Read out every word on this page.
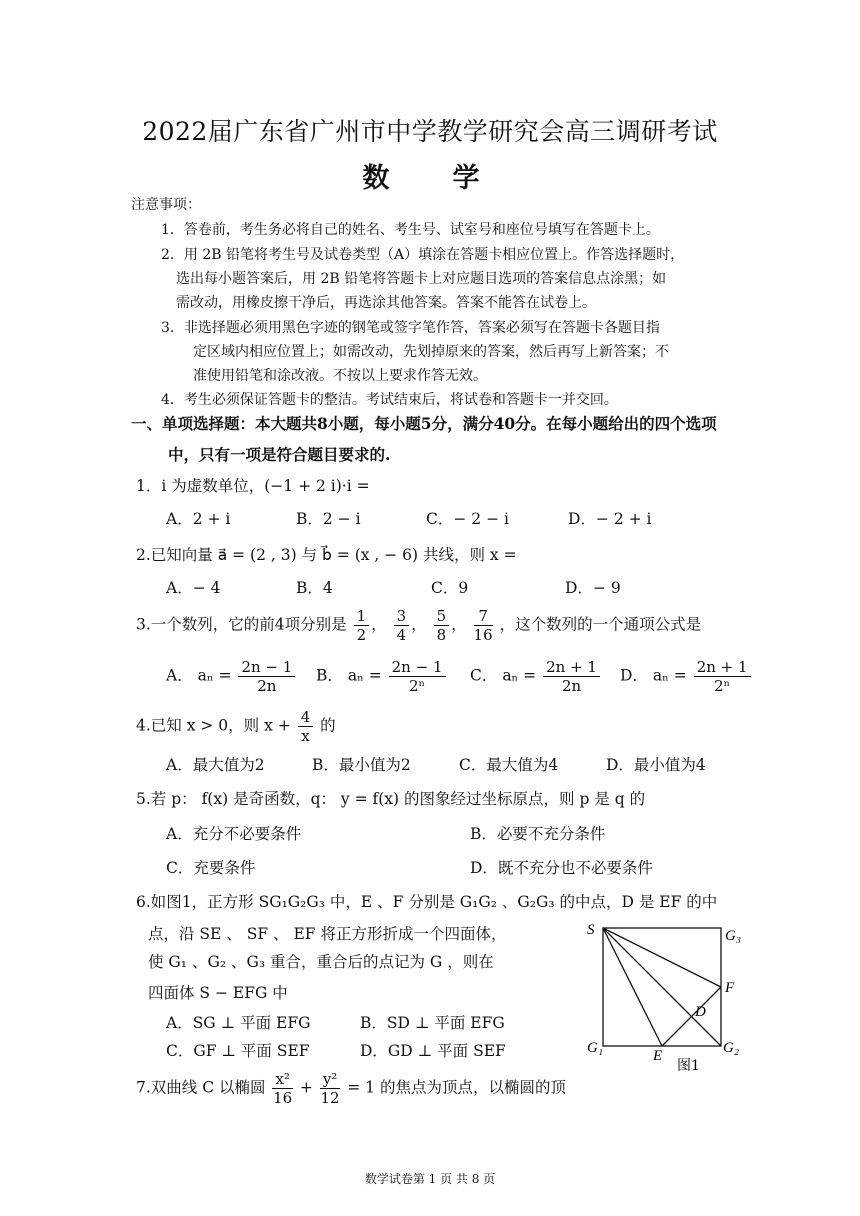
2022届广东省广州市中学教学研究会高三调研考试
数　学
注意事项：
1．答卷前，考生务必将自己的姓名、考生号、试室号和座位号填写在答题卡上。
2．用 2B 铅笔将考生号及试卷类型（A）填涂在答题卡相应位置上。作答选择题时，
选出每小题答案后，用 2B 铅笔将答题卡上对应题目选项的答案信息点涂黑；如
需改动，用橡皮擦干净后，再选涂其他答案。答案不能答在试卷上。
3．非选择题必须用黑色字迹的钢笔或签字笔作答，答案必须写在答题卡各题目指
定区域内相应位置上；如需改动，先划掉原来的答案，然后再写上新答案；不
准使用铅笔和涂改液。不按以上要求作答无效。
4．考生必须保证答题卡的整洁。考试结束后，将试卷和答题卡一并交回。
一、单项选择题：本大题共8小题，每小题5分，满分40分。在每小题给出的四个选项
中，只有一项是符合题目要求的.
1．i 为虚数单位，(−1 + 2 i)·i =
A．2 + i	B．2 − i	C．− 2 − i	D．− 2 + i
2.已知向量 a⃗ = (2 , 3) 与 b⃗ = (x , − 6) 共线，则 x =
A．− 4	B．4	C．9	D．− 9
3.一个数列，它的前4项分别是 $\frac{1}{2}$ ， $\frac{3}{4}$ ， $\frac{5}{8}$ ， $\frac{7}{16}$ ，这个数列的一个通项公式是
A． $a_n = \frac{2n - 1}{2n}$ B． $a_n = \frac{2n - 1}{\text{2ⁿ}}$ C． $a_n = \frac{2n + 1}{2n}$ D． $a_n = \frac{2n + 1}{\text{2ⁿ}}$
4.已知 x > 0，则 $x + \frac{4}{x}$ 的
A．最大值为2	B．最小值为2	C．最大值为4	D．最小值为4
5.若 p： f(x) 是奇函数，q： y = f(x) 的图象经过坐标原点，则 p 是 q 的
A．充分不必要条件	B．必要不充分条件
C．充要条件	D．既不充分也不必要条件
6.如图1，正方形 SG₁G₂G₃ 中，E 、F 分别是 G₁G₂ 、G₂G₃ 的中点，D 是 EF 的中
点，沿 SE 、 SF 、 EF 将正方形折成一个四面体，
使 G₁ 、G₂ 、G₃ 重合，重合后的点记为 G ，则在
四面体 S − EFG 中
A．SG ⊥ 平面 EFG	B．SD ⊥ 平面 EFG
C．GF ⊥ 平面 SEF	D．GD ⊥ 平面 SEF
S	G₃
F
D
G₁	E	G₂
图1
7.双曲线 C 以椭圆 $\frac{\text{x²}}{16} + \frac{\text{y²}}{12} = 1$ 的焦点为顶点，以椭圆的顶
数学试卷第 1 页 共 8 页
